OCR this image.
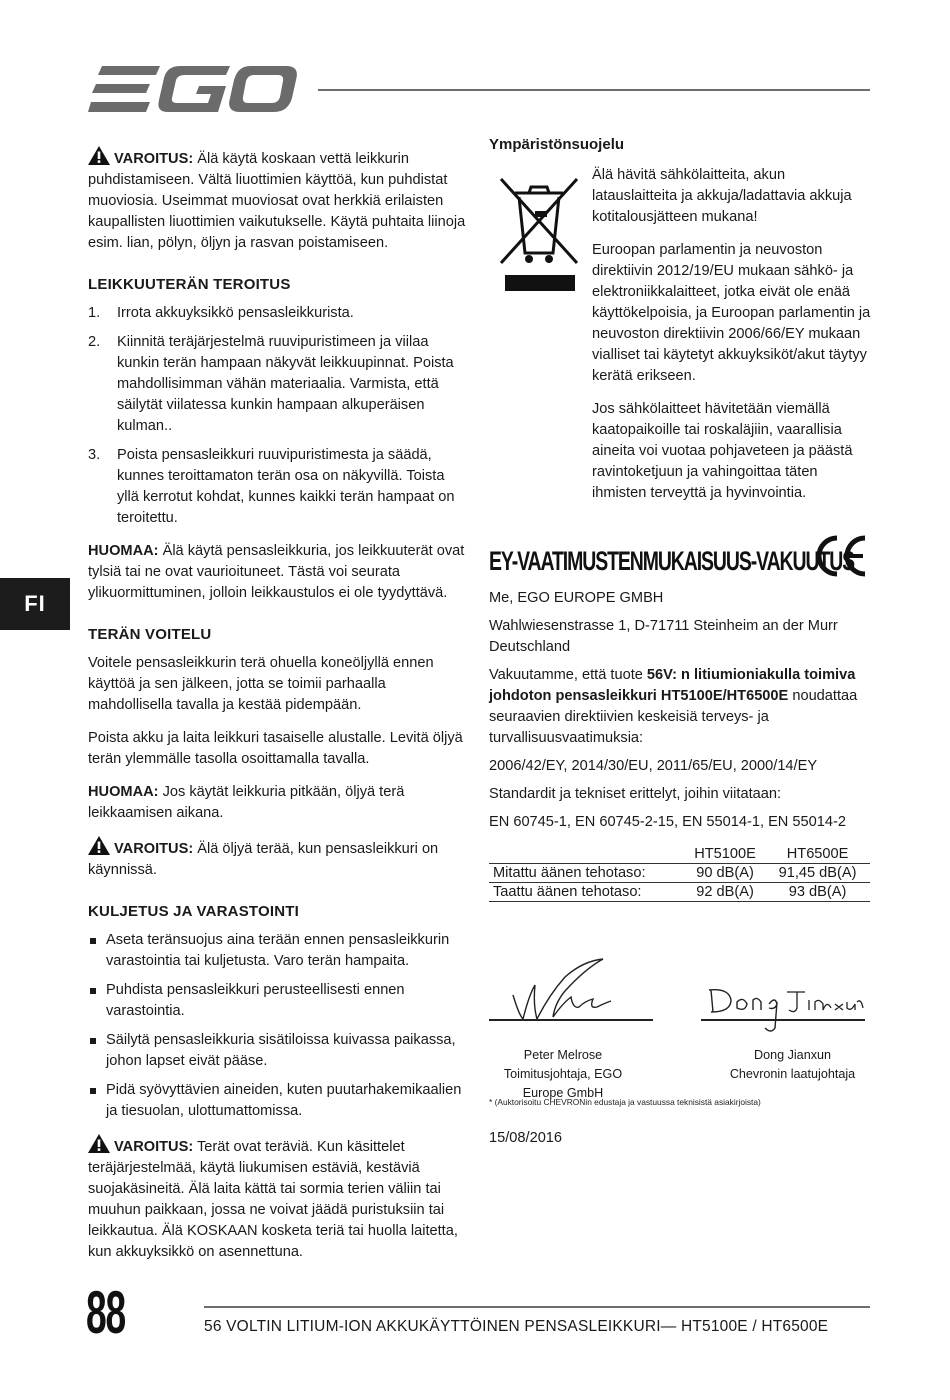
FI

VAROITUS: Älä käytä koskaan vettä leikkurin puhdistamiseen. Vältä liuottimien käyttöä, kun puhdistat muoviosia. Useimmat muoviosat ovat herkkiä erilaisten kaupallisten liuottimien vaikutukselle. Käytä puhtaita liinoja esim. lian, pölyn, öljyn ja rasvan poistamiseen.

LEIKKUUTERÄN TEROITUS
1. Irrota akkuyksikkö pensasleikkurista.
2. Kiinnitä teräjärjestelmä ruuvipuristimeen ja viilaa kunkin terän hampaan näkyvät leikkuupinnat. Poista mahdollisimman vähän materiaalia. Varmista, että säilytät viilatessa kunkin hampaan alkuperäisen kulman..
3. Poista pensasleikkuri ruuvipuristimesta ja säädä, kunnes teroittamaton terän osa on näkyvillä. Toista yllä kerrotut kohdat, kunnes kaikki terän hampaat on teroitettu.

HUOMAA: Älä käytä pensasleikkuria, jos leikkuuterät ovat tylsiä tai ne ovat vaurioituneet. Tästä voi seurata ylikuormittuminen, jolloin leikkaustulos ei ole tyydyttävä.

TERÄN VOITELU

Voitele pensasleikkurin terä ohuella koneöljyllä ennen käyttöä ja sen jälkeen, jotta se toimii parhaalla mahdollisella tavalla ja kestää pidempään.

Poista akku ja laita leikkuri tasaiselle alustalle. Levitä öljyä terän ylemmälle tasolla osoittamalla tavalla.

HUOMAA: Jos käytät leikkuria pitkään, öljyä terä leikkaamisen aikana.

VAROITUS: Älä öljyä terää, kun pensasleikkuri on käynnissä.

KULJETUS JA VARASTOINTI
Aseta teränsuojus aina terään ennen pensasleikkurin varastointia tai kuljetusta. Varo terän hampaita.
Puhdista pensasleikkuri perusteellisesti ennen varastointia.
Säilytä pensasleikkuria sisätiloissa kuivassa paikassa, johon lapset eivät pääse.
Pidä syövyttävien aineiden, kuten puutarhakemikaalien ja tiesuolan, ulottumattomissa.

VAROITUS: Terät ovat teräviä. Kun käsittelet teräjärjestelmää, käytä liukumisen estäviä, kestäviä suojakäsineitä. Älä laita kättä tai sormia terien väliin tai muuhun paikkaan, jossa ne voivat jäädä puristuksiin tai leikkautua. Älä KOSKAAN kosketa teriä tai huolla laitetta, kun akkuyksikkö on asennettuna.

Ympäristönsuojelu

Älä hävitä sähkölaitteita, akun latauslaitteita ja akkuja/ladattavia akkuja kotitalousjätteen mukana!

Euroopan parlamentin ja neuvoston direktiivin 2012/19/EU mukaan sähkö- ja elektroniikkalaitteet, jotka eivät ole enää käyttökelpoisia, ja Euroopan parlamentin ja neuvoston direktiivin 2006/66/EY mukaan vialliset tai käytetyt akkuyksiköt/akut täytyy kerätä erikseen.

Jos sähkölaitteet hävitetään viemällä kaatopaikoille tai roskaläjiin, vaarallisia aineita voi vuotaa pohjaveteen ja päästä ravintoketjuun ja vahingoittaa täten ihmisten terveyttä ja hyvinvointia.

EY-VAATIMUSTENMUKAISUUS-VAKUUTUS

Me, EGO EUROPE GMBH

Wahlwiesenstrasse 1, D-71711 Steinheim an der Murr Deutschland

Vakuutamme, että tuote 56V: n litiumioniakulla toimiva johdoton pensasleikkuri HT5100E/HT6500E noudattaa seuraavien direktiivien keskeisiä terveys- ja turvallisuusvaatimuksia:

2006/42/EY, 2014/30/EU, 2011/65/EU, 2000/14/EY

Standardit ja tekniset erittelyt, joihin viitataan:

EN 60745-1, EN 60745-2-15, EN 55014-1, EN 55014-2

	HT5100E	HT6500E
Mitattu äänen tehotaso:	90 dB(A)	91,45 dB(A)
Taattu äänen tehotaso:	92 dB(A)	93 dB(A)
Peter Melrose
Toimitusjohtaja, EGO Europe GmbH
Dong Jianxun
Chevronin laatujohtaja
* (Auktorisoitu CHEVRONin edustaja ja vastuussa teknisistä asiakirjoista)
15/08/2016
88	56 VOLTIN LITIUM-ION AKKUKÄYTTÖINEN PENSASLEIKKURI— HT5100E / HT6500E
